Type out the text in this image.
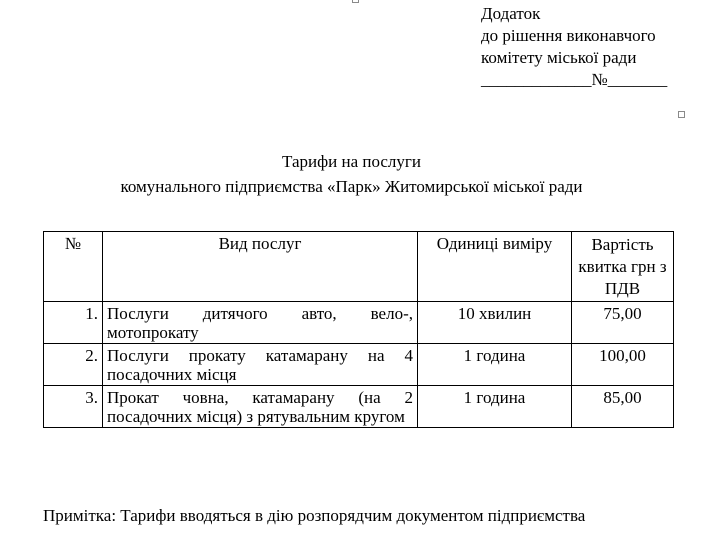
Додаток
до рішення виконавчого
комітету міської ради
_____________№_______
Тарифи на послуги
комунального підприємства «Парк» Житомирської міської ради
№	Вид послуг	Одиниці виміру	Вартість квитка грн з ПДВ
1.	Послуги дитячого авто, вело-, мотопрокату	10 хвилин	75,00
2.	Послуги прокату катамарану на 4 посадочних місця	1 година	100,00
3.	Прокат човна, катамарану (на 2 посадочних місця) з рятувальним кругом	1 година	85,00
Примітка: Тарифи вводяться в дію розпорядчим документом підприємства
